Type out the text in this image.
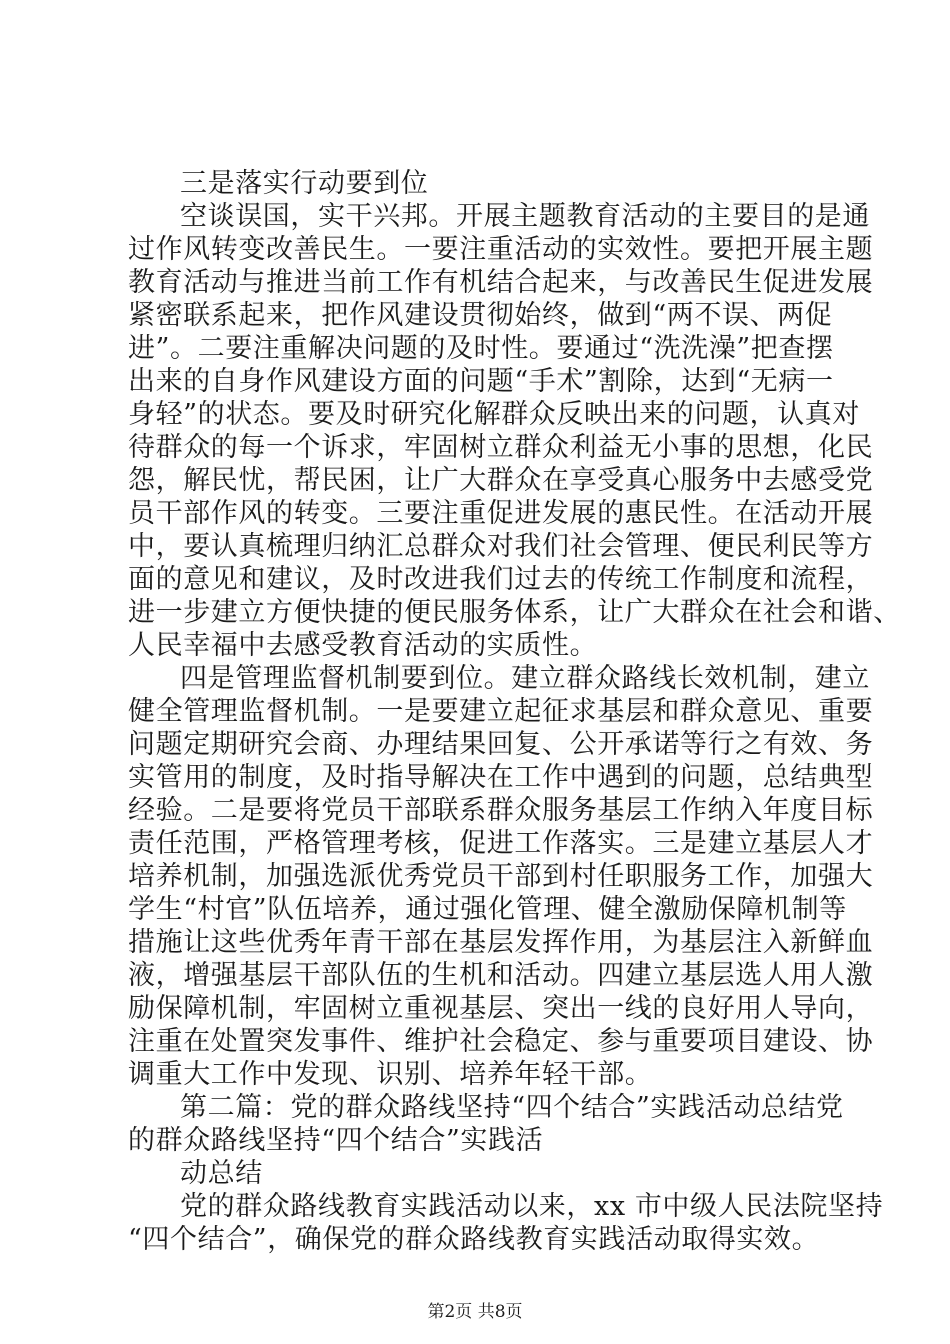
三是落实行动要到位
空谈误国，实干兴邦。开展主题教育活动的主要目的是通
过作风转变改善民生。一要注重活动的实效性。要把开展主题
教育活动与推进当前工作有机结合起来，与改善民生促进发展
紧密联系起来，把作风建设贯彻始终，做到“两不误、两促
进”。二要注重解决问题的及时性。要通过“洗洗澡”把查摆
出来的自身作风建设方面的问题“手术”割除，达到“无病一
身轻”的状态。要及时研究化解群众反映出来的问题，认真对
待群众的每一个诉求，牢固树立群众利益无小事的思想，化民
怨，解民忧，帮民困，让广大群众在享受真心服务中去感受党
员干部作风的转变。三要注重促进发展的惠民性。在活动开展
中，要认真梳理归纳汇总群众对我们社会管理、便民利民等方
面的意见和建议，及时改进我们过去的传统工作制度和流程，
进一步建立方便快捷的便民服务体系，让广大群众在社会和谐、
人民幸福中去感受教育活动的实质性。
四是管理监督机制要到位。建立群众路线长效机制，建立
健全管理监督机制。一是要建立起征求基层和群众意见、重要
问题定期研究会商、办理结果回复、公开承诺等行之有效、务
实管用的制度，及时指导解决在工作中遇到的问题，总结典型
经验。二是要将党员干部联系群众服务基层工作纳入年度目标
责任范围，严格管理考核，促进工作落实。三是建立基层人才
培养机制，加强选派优秀党员干部到村任职服务工作，加强大
学生“村官”队伍培养，通过强化管理、健全激励保障机制等
措施让这些优秀年青干部在基层发挥作用，为基层注入新鲜血
液，增强基层干部队伍的生机和活动。四建立基层选人用人激
励保障机制，牢固树立重视基层、突出一线的良好用人导向，
注重在处置突发事件、维护社会稳定、参与重要项目建设、协
调重大工作中发现、识别、培养年轻干部。
第二篇：党的群众路线坚持“四个结合”实践活动总结党
的群众路线坚持“四个结合”实践活
动总结
党的群众路线教育实践活动以来，xx 市中级人民法院坚持
“四个结合”，确保党的群众路线教育实践活动取得实效。
第2页 共8页
